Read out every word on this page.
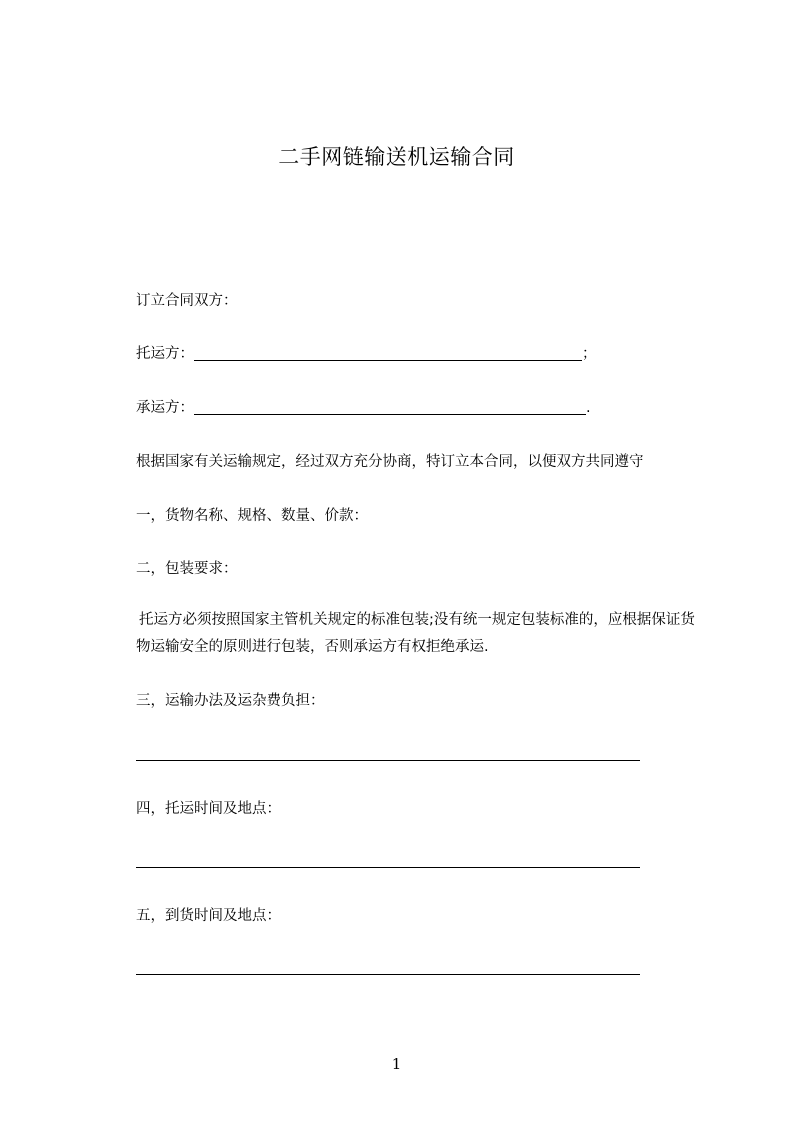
二手网链输送机运输合同
订立合同双方：
托运方：	；
承运方：	.
根据国家有关运输规定，经过双方充分协商，特订立本合同，以便双方共同遵守
一，货物名称、规格、数量、价款：
二，包装要求：
托运方必须按照国家主管机关规定的标准包装;没有统一规定包装标准的，应根据保证货物运输安全的原则进行包装，否则承运方有权拒绝承运.
三，运输办法及运杂费负担：
四，托运时间及地点：
五，到货时间及地点：
1
